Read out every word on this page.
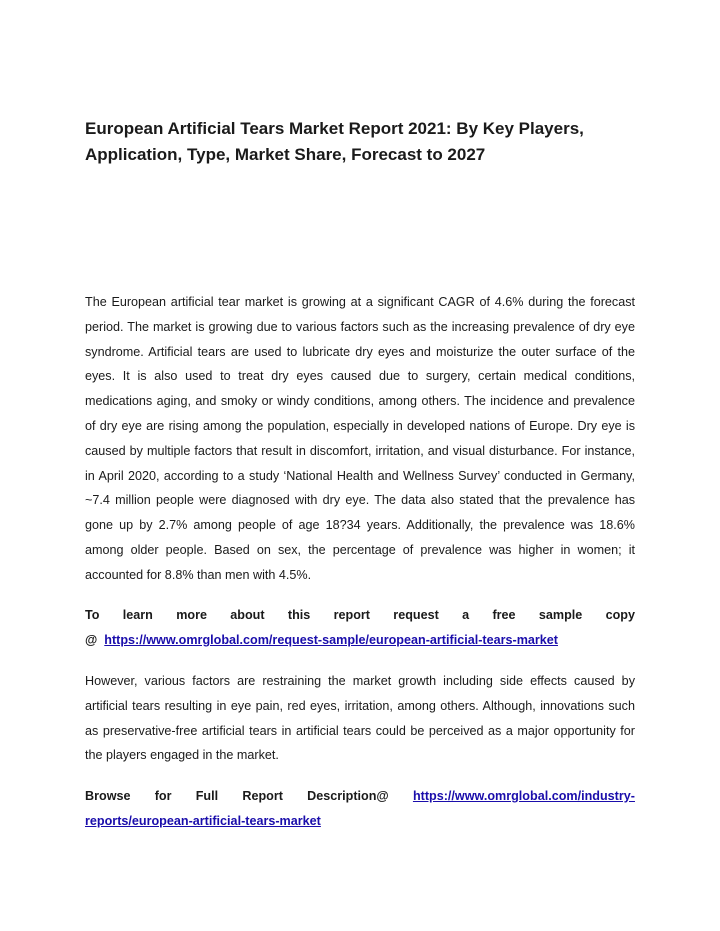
European Artificial Tears Market Report 2021: By Key Players, Application, Type, Market Share, Forecast to 2027

The European artificial tear market is growing at a significant CAGR of 4.6% during the forecast period. The market is growing due to various factors such as the increasing prevalence of dry eye syndrome. Artificial tears are used to lubricate dry eyes and moisturize the outer surface of the eyes. It is also used to treat dry eyes caused due to surgery, certain medical conditions, medications aging, and smoky or windy conditions, among others. The incidence and prevalence of dry eye are rising among the population, especially in developed nations of Europe. Dry eye is caused by multiple factors that result in discomfort, irritation, and visual disturbance. For instance, in April 2020, according to a study ‘National Health and Wellness Survey’ conducted in Germany, ~7.4 million people were diagnosed with dry eye. The data also stated that the prevalence has gone up by 2.7% among people of age 18?34 years. Additionally, the prevalence was 18.6% among older people. Based on sex, the percentage of prevalence was higher in women; it accounted for 8.8% than men with 4.5%.

To learn more about this report request a free sample copy
@ https://www.omrglobal.com/request-sample/european-artificial-tears-market

However, various factors are restraining the market growth including side effects caused by artificial tears resulting in eye pain, red eyes, irritation, among others. Although, innovations such as preservative-free artificial tears in artificial tears could be perceived as a major opportunity for the players engaged in the market.

Browse for Full Report Description@ https://www.omrglobal.com/industry-
reports/european-artificial-tears-market
